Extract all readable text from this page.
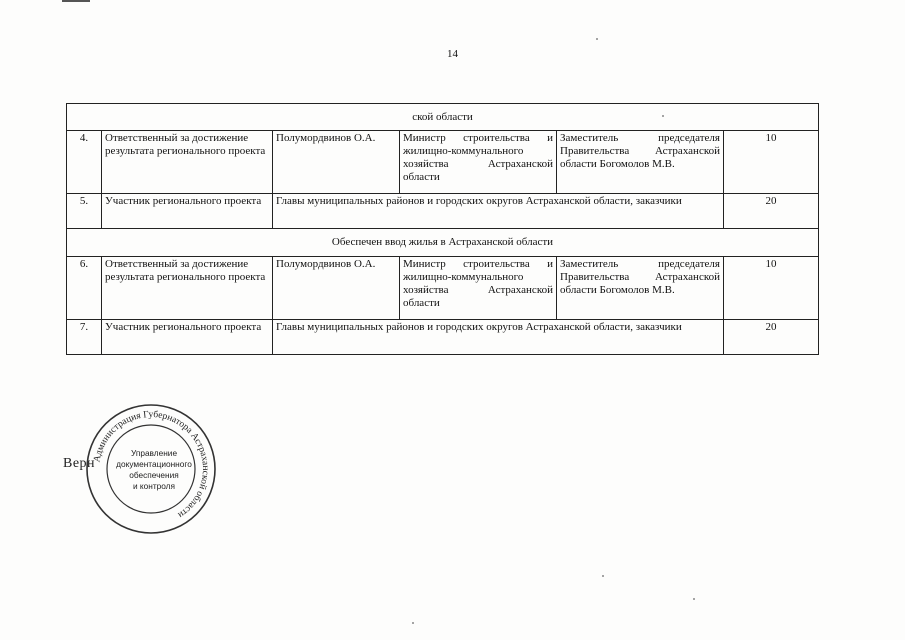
14
ской области					
4.	Ответственный за достижение результата регионального проекта	Полумордвинов О.А.	Министр строительства и жилищно-коммунального хозяйства Астраханской области	Заместитель председателя Правительства Астраханской области Богомолов М.В.	10
5.	Участник регионального проекта	Главы муниципальных районов и городских округов Астраханской области, заказчики			20
Обеспечен ввод жилья в Астраханской области					
6.	Ответственный за достижение результата регионального проекта	Полумордвинов О.А.	Министр строительства и жилищно-коммунального хозяйства Астраханской области	Заместитель председателя Правительства Астраханской области Богомолов М.В.	10
7.	Участник регионального проекта	Главы муниципальных районов и городских округов Астраханской области, заказчики			20
Верн
Администрация Губернатора Астраханской области
Управление
документационного
обеспечения
и контроля
